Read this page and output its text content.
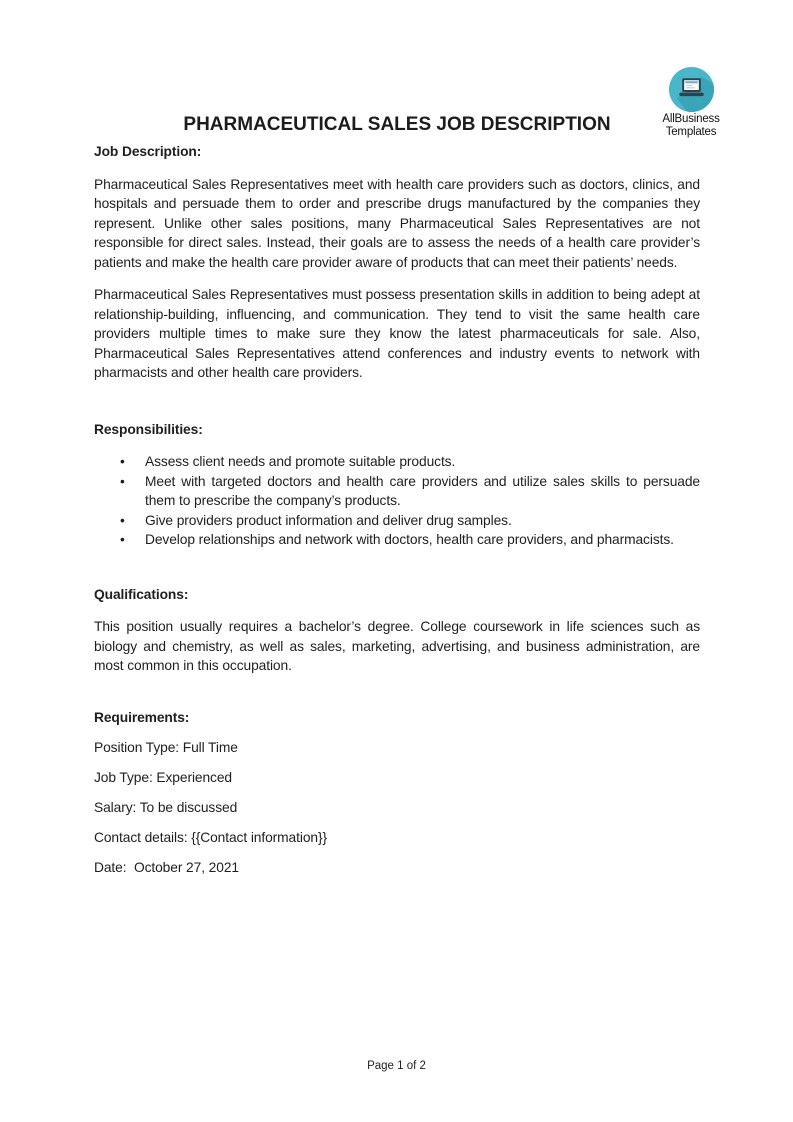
AllBusiness
Templates
PHARMACEUTICAL SALES JOB DESCRIPTION
Job Description:

Pharmaceutical Sales Representatives meet with health care providers such as doctors, clinics, and hospitals and persuade them to order and prescribe drugs manufactured by the companies they represent. Unlike other sales positions, many Pharmaceutical Sales Representatives are not responsible for direct sales. Instead, their goals are to assess the needs of a health care provider’s patients and make the health care provider aware of products that can meet their patients’ needs.

Pharmaceutical Sales Representatives must possess presentation skills in addition to being adept at relationship-building, influencing, and communication. They tend to visit the same health care providers multiple times to make sure they know the latest pharmaceuticals for sale. Also, Pharmaceutical Sales Representatives attend conferences and industry events to network with pharmacists and other health care providers.

Responsibilities:
• Assess client needs and promote suitable products.
• Meet with targeted doctors and health care providers and utilize sales skills to persuade them to prescribe the company’s products.
• Give providers product information and deliver drug samples.
• Develop relationships and network with doctors, health care providers, and pharmacists.
Qualifications:

This position usually requires a bachelor’s degree. College coursework in life sciences such as biology and chemistry, as well as sales, marketing, advertising, and business administration, are most common in this occupation.

Requirements:

Position Type: Full Time

Job Type: Experienced

Salary: To be discussed

Contact details: {{Contact information}}

Date:  October 27, 2021

Page 1 of 2
